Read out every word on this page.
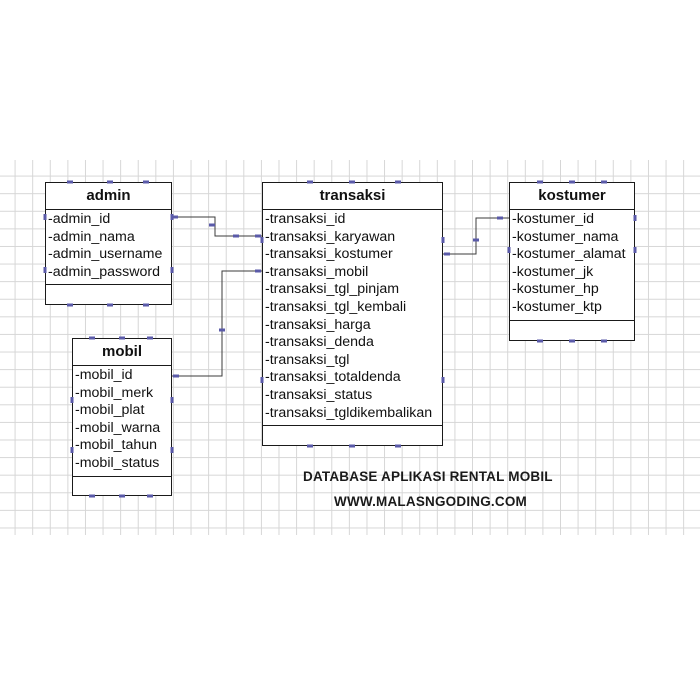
admin
-admin_id
-admin_nama
-admin_username
-admin_password
transaksi
-transaksi_id
-transaksi_karyawan
-transaksi_kostumer
-transaksi_mobil
-transaksi_tgl_pinjam
-transaksi_tgl_kembali
-transaksi_harga
-transaksi_denda
-transaksi_tgl
-transaksi_totaldenda
-transaksi_status
-transaksi_tgldikembalikan
kostumer
-kostumer_id
-kostumer_nama
-kostumer_alamat
-kostumer_jk
-kostumer_hp
-kostumer_ktp
mobil
-mobil_id
-mobil_merk
-mobil_plat
-mobil_warna
-mobil_tahun
-mobil_status
DATABASE APLIKASI RENTAL MOBIL
WWW.MALASNGODING.COM
